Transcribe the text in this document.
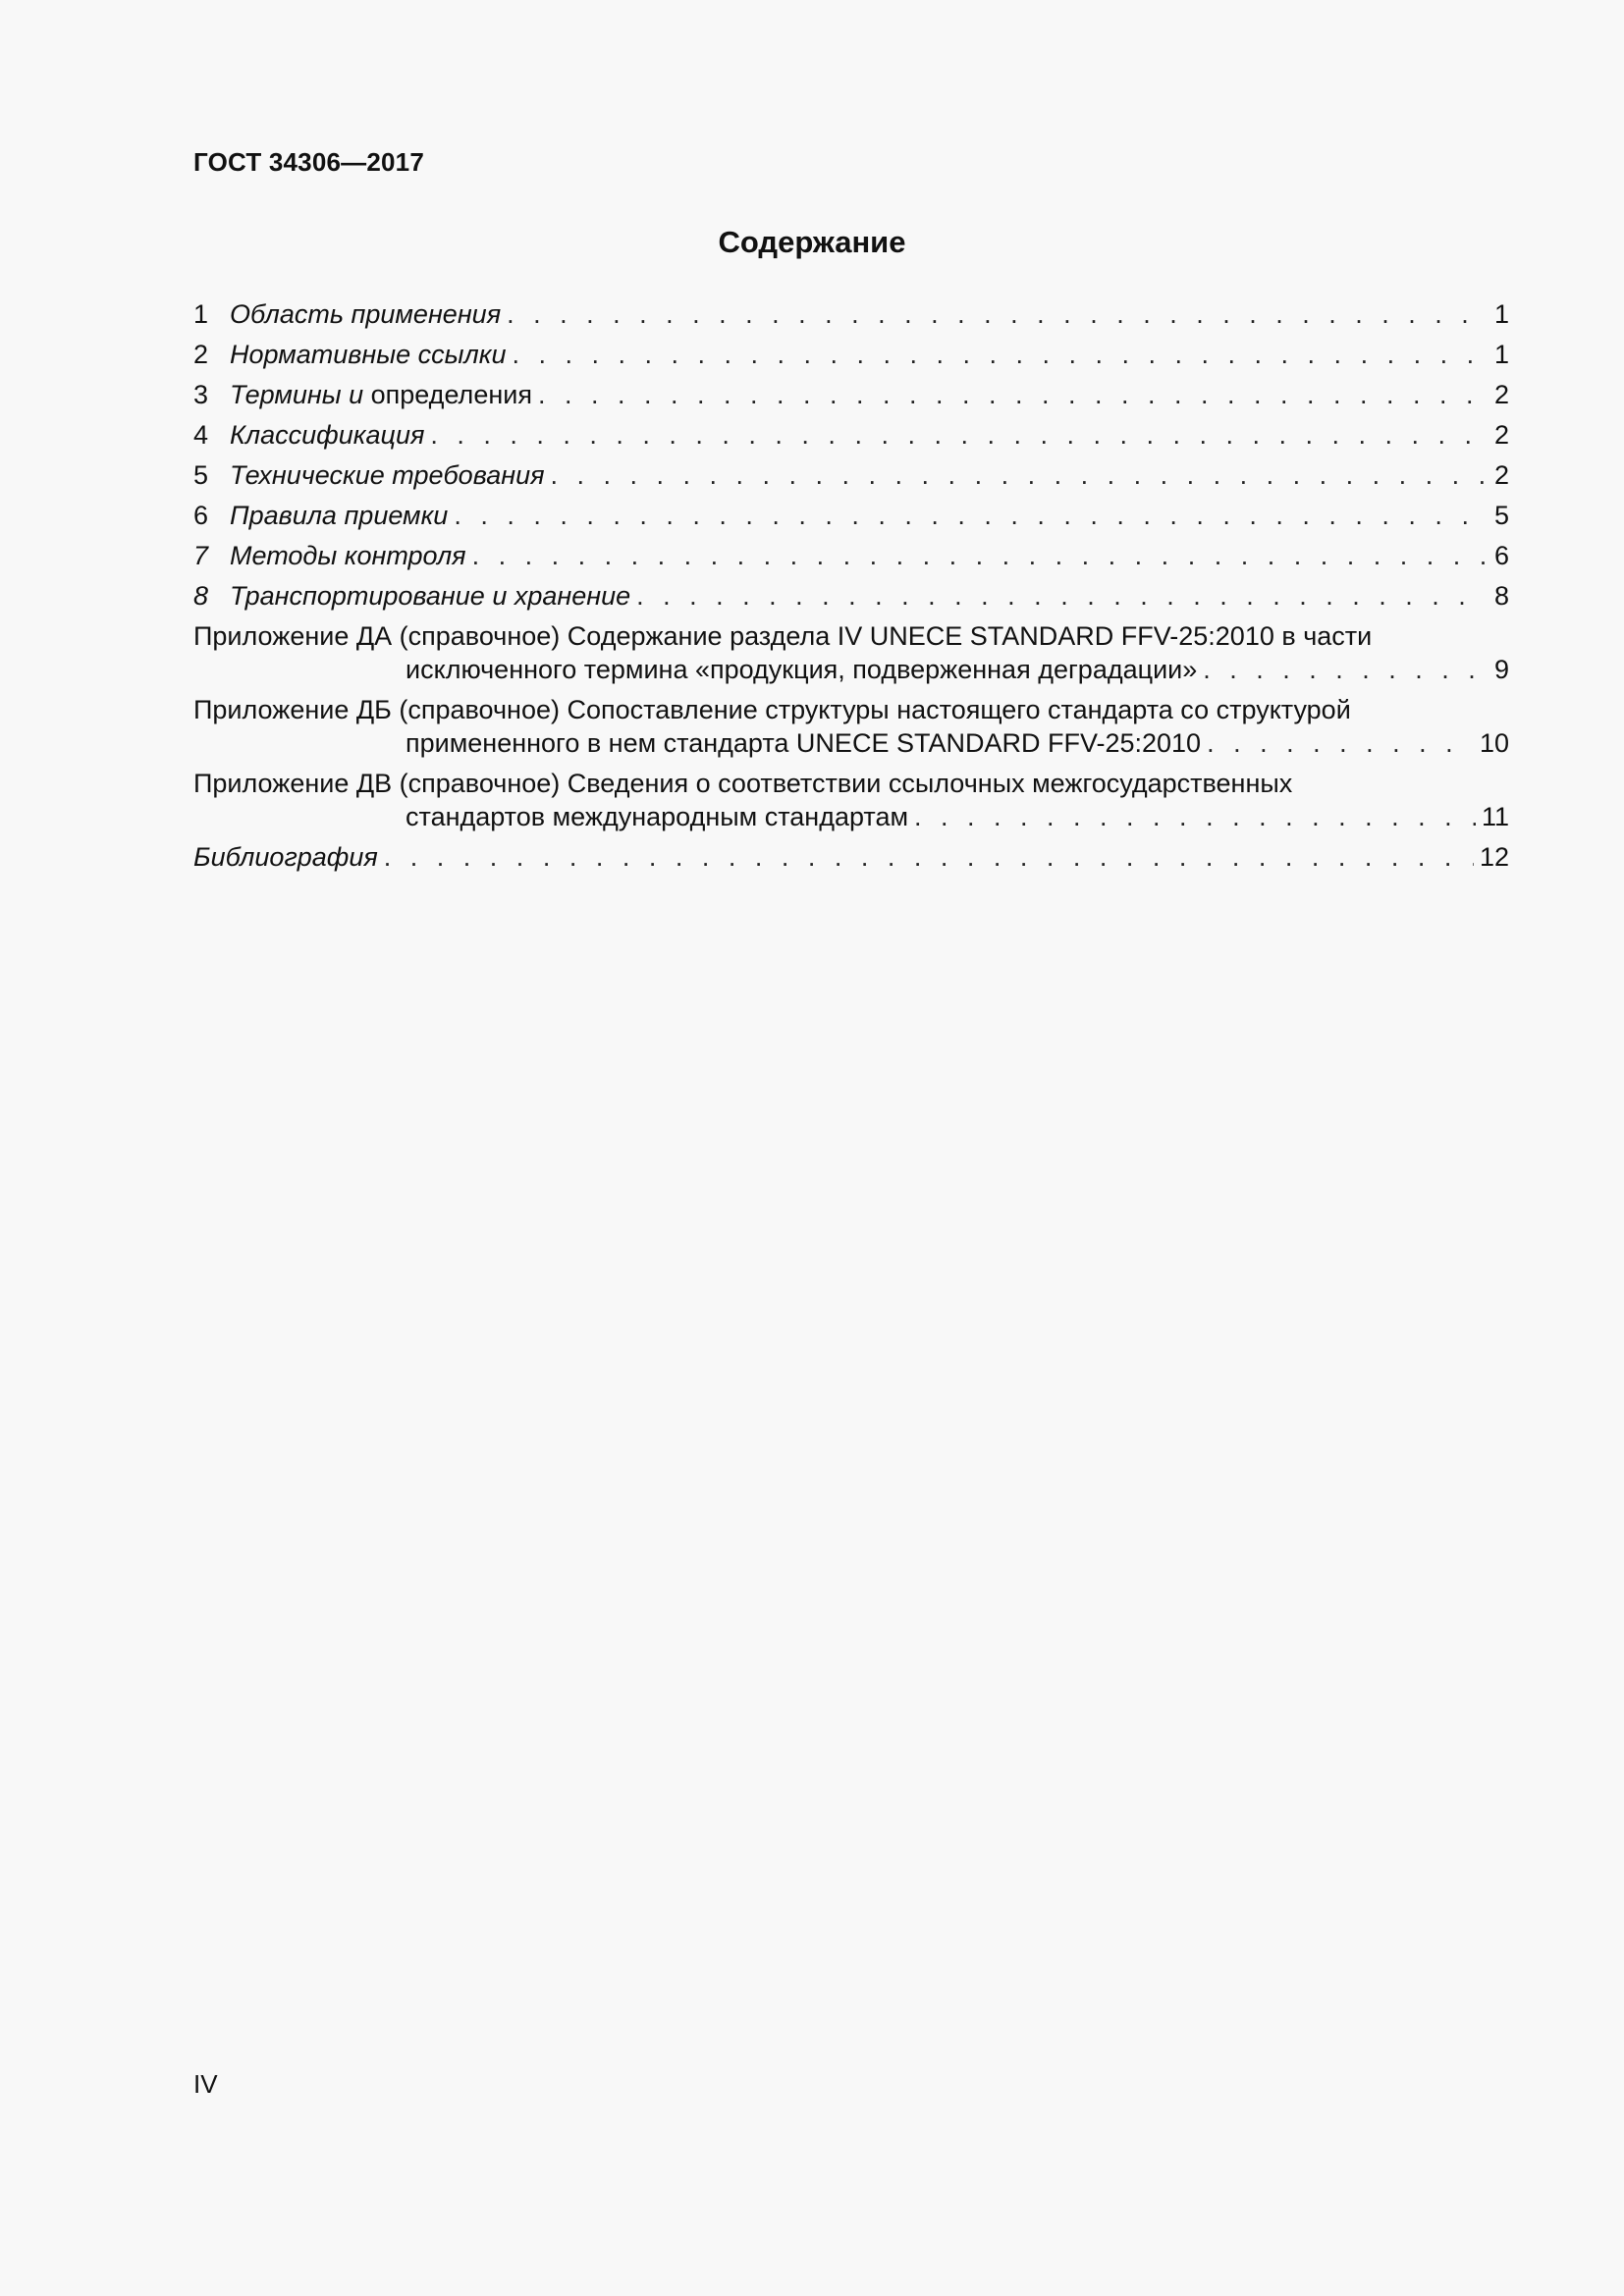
ГОСТ 34306—2017
Содержание
1 Область применения . . .	1
2 Нормативные ссылки . . .	1
3 Термины и определения . . .	2
4 Классификация . . .	2
5 Технические требования . . .	2
6 Правила приемки . . .	5
7 Методы контроля . . .	6
8 Транспортирование и хранение . . .	8
Приложение ДА (справочное) Содержание раздела IV UNECE STANDARD FFV-25:2010 в части
исключенного термина «продукция, подверженная деградации» . . .	9
Приложение ДБ (справочное) Сопоставление структуры настоящего стандарта со структурой
примененного в нем стандарта UNECE STANDARD FFV-25:2010 . . .	10
Приложение ДВ (справочное) Сведения о соответствии ссылочных межгосударственных
стандартов международным стандартам . . .	11
Библиография . . .	12
IV
